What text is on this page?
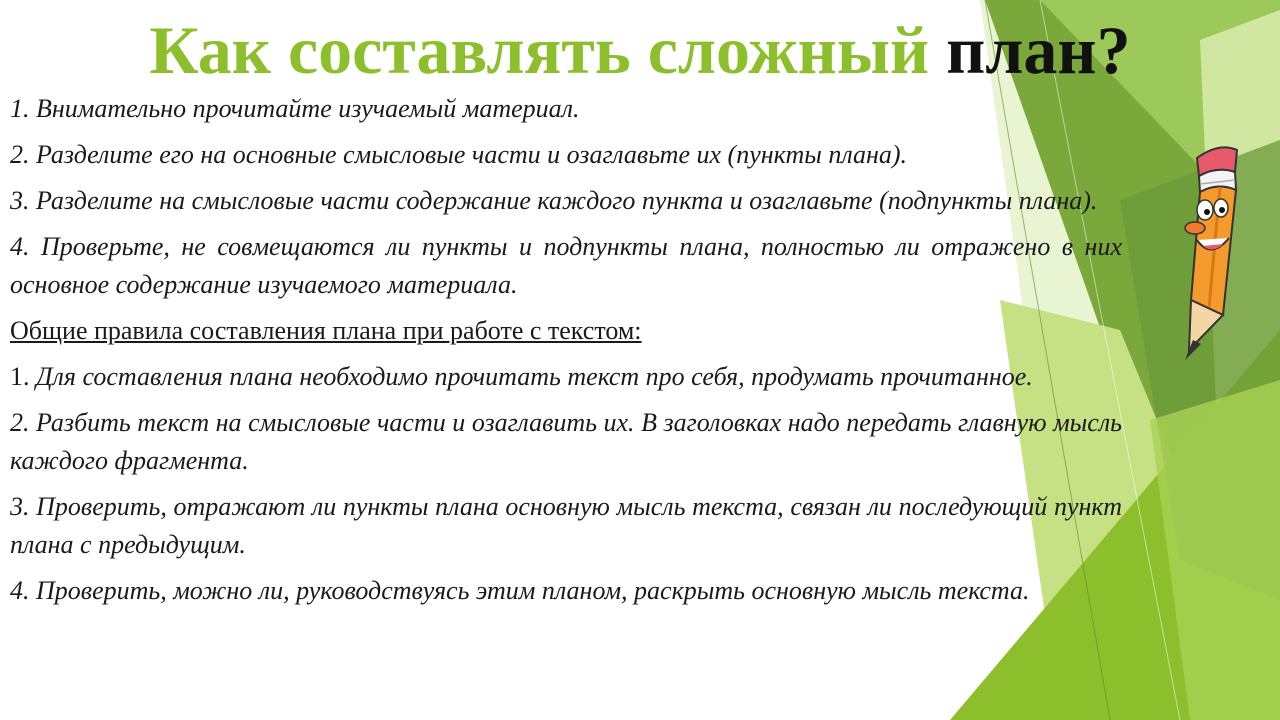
Как составлять сложный план?

1. Внимательно прочитайте изучаемый материал.

2. Разделите его на основные смысловые части и озаглавьте их (пункты плана).

3. Разделите на смысловые части содержание каждого пункта и озаглавьте (подпункты плана).

4. Проверьте, не совмещаются ли пункты и подпункты плана, полностью ли отражено в них основное содержание изучаемого материала.

Общие правила составления плана при работе с текстом:

1. Для составления плана необходимо прочитать текст про себя, продумать прочитанное.

2. Разбить текст на смысловые части и озаглавить их. В заголовках надо передать главную мысль каждого фрагмента.

3. Проверить, отражают ли пункты плана основную мысль текста, связан ли последующий пункт плана с предыдущим.

4. Проверить, можно ли, руководствуясь этим планом, раскрыть основную мысль текста.
